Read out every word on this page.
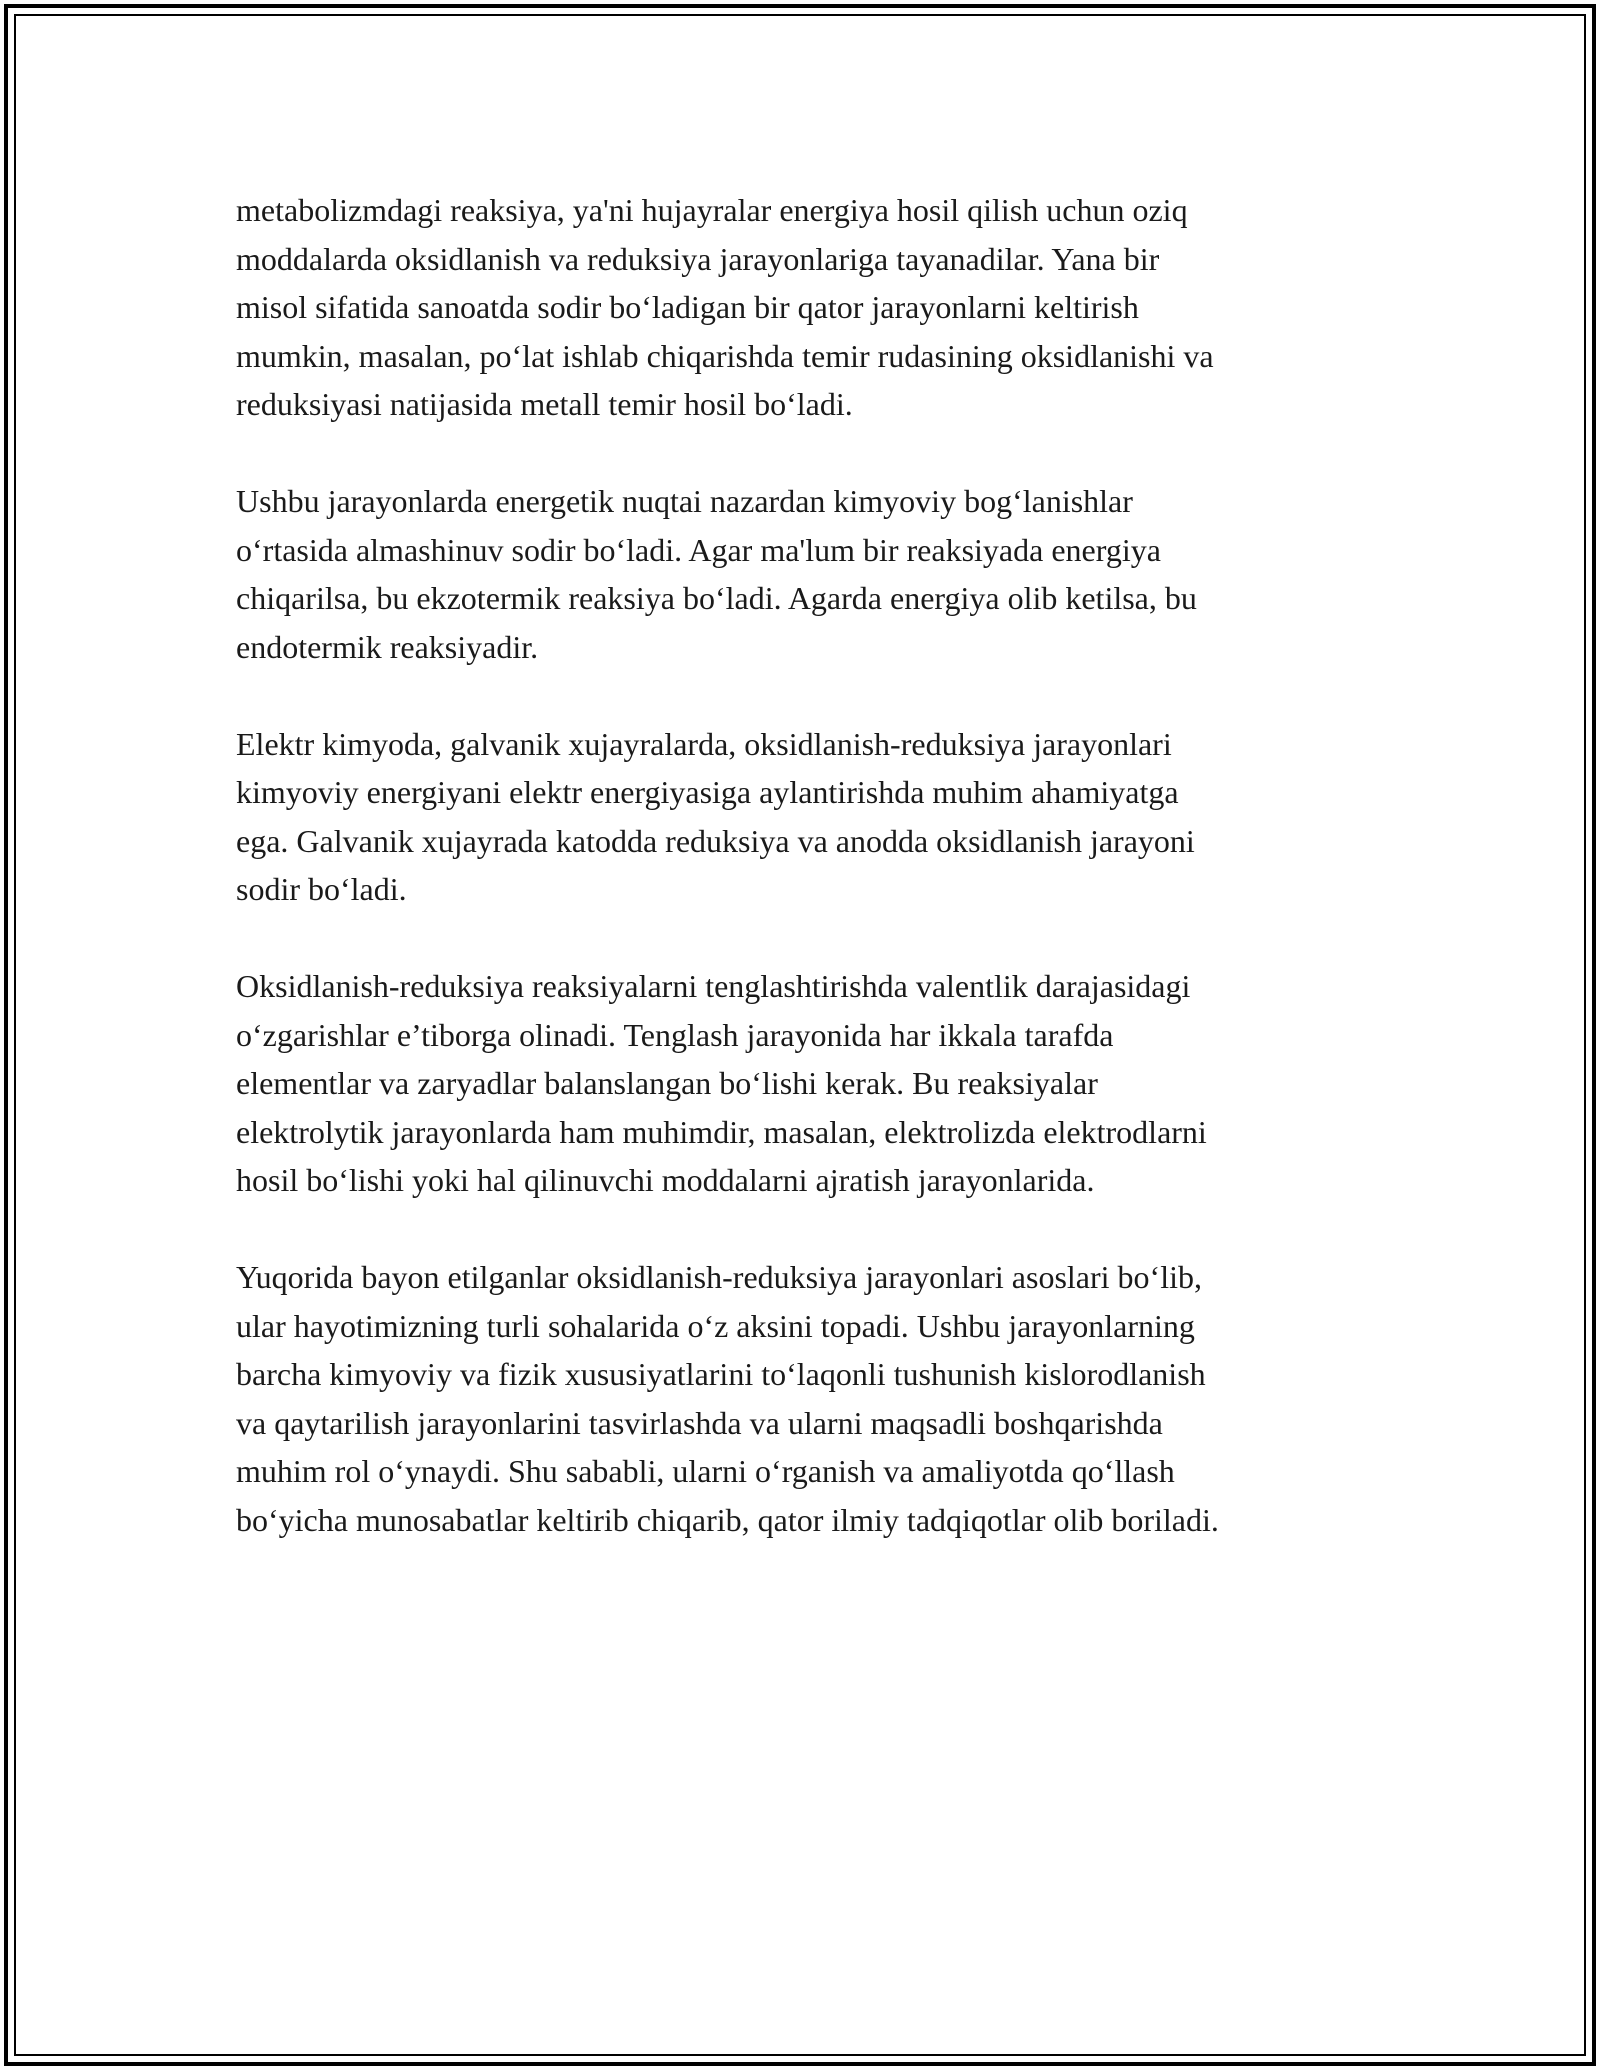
metabolizmdagi reaksiya, ya'ni hujayralar energiya hosil qilish uchun oziq
moddalarda oksidlanish va reduksiya jarayonlariga tayanadilar. Yana bir
misol sifatida sanoatda sodir bo‘ladigan bir qator jarayonlarni keltirish
mumkin, masalan, po‘lat ishlab chiqarishda temir rudasining oksidlanishi va
reduksiyasi natijasida metall temir hosil bo‘ladi.

Ushbu jarayonlarda energetik nuqtai nazardan kimyoviy bog‘lanishlar
o‘rtasida almashinuv sodir bo‘ladi. Agar ma'lum bir reaksiyada energiya
chiqarilsa, bu ekzotermik reaksiya bo‘ladi. Agarda energiya olib ketilsa, bu
endotermik reaksiyadir.

Elektr kimyoda, galvanik xujayralarda, oksidlanish-reduksiya jarayonlari
kimyoviy energiyani elektr energiyasiga aylantirishda muhim ahamiyatga
ega. Galvanik xujayrada katodda reduksiya va anodda oksidlanish jarayoni
sodir bo‘ladi.

Oksidlanish-reduksiya reaksiyalarni tenglashtirishda valentlik darajasidagi
o‘zgarishlar e’tiborga olinadi. Tenglash jarayonida har ikkala tarafda
elementlar va zaryadlar balanslangan bo‘lishi kerak. Bu reaksiyalar
elektrolytik jarayonlarda ham muhimdir, masalan, elektrolizda elektrodlarni
hosil bo‘lishi yoki hal qilinuvchi moddalarni ajratish jarayonlarida.

Yuqorida bayon etilganlar oksidlanish-reduksiya jarayonlari asoslari bo‘lib,
ular hayotimizning turli sohalarida o‘z aksini topadi. Ushbu jarayonlarning
barcha kimyoviy va fizik xususiyatlarini to‘laqonli tushunish kislorodlanish
va qaytarilish jarayonlarini tasvirlashda va ularni maqsadli boshqarishda
muhim rol o‘ynaydi. Shu sababli, ularni o‘rganish va amaliyotda qo‘llash
bo‘yicha munosabatlar keltirib chiqarib, qator ilmiy tadqiqotlar olib boriladi.
